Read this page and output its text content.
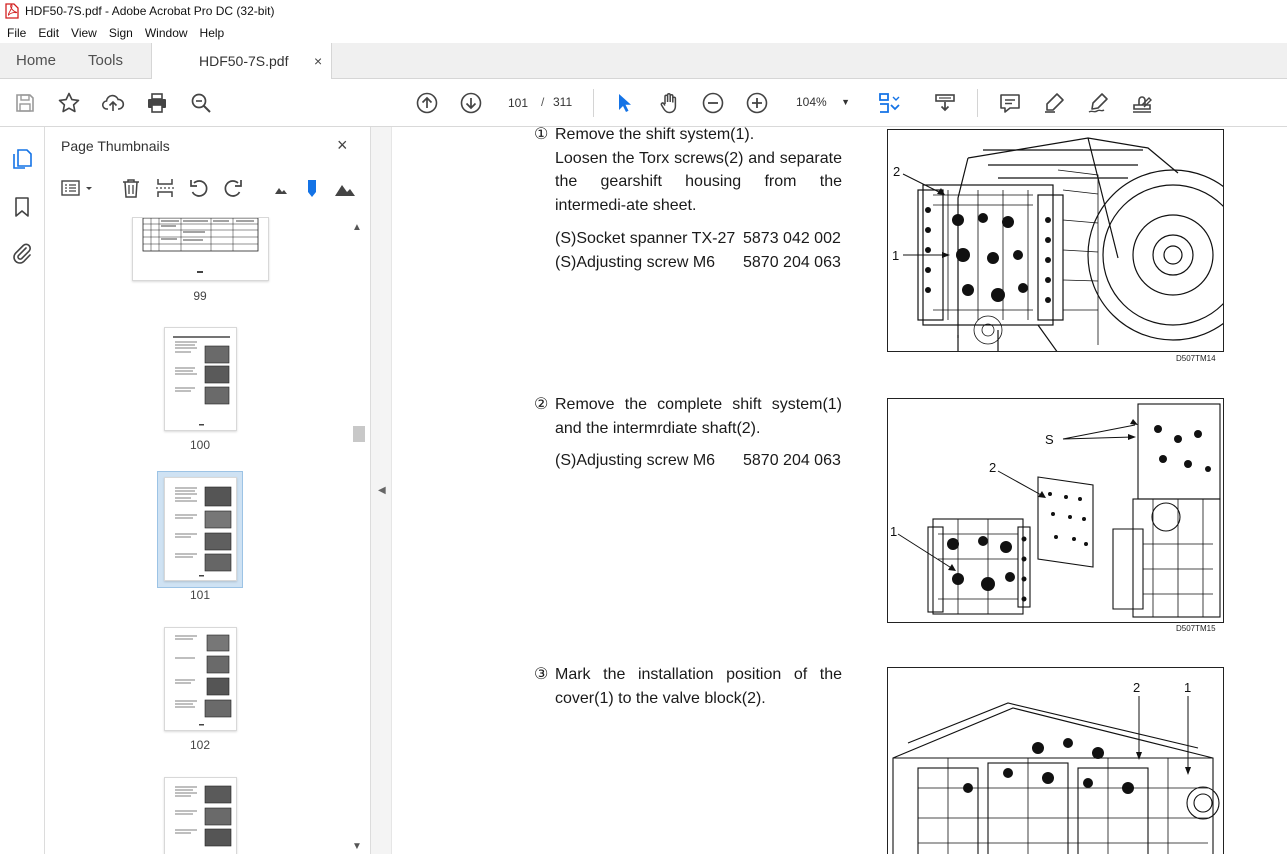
HDF50-7S.pdf - Adobe Acrobat Pro DC (32-bit)
File	Edit	View	Sign	Window	Help
Home Tools	HDF50-7S.pdf ×
101	/ 311	104% ▼
Page Thumbnails	×
99
100
101
102
▲
▼
◀
① Remove the shift system(1).
Loosen the Torx screws(2) and separate the gearshift housing from the intermedi-ate sheet.
(S)Socket spanner TX-27 5873 042 002
(S)Adjusting screw M6 5870 204 063
2
1
D507TM14
② Remove the complete shift system(1) and the intermrdiate shaft(2).
(S)Adjusting screw M6 5870 204 063
S
2
1
D507TM15
③ Mark the installation position of the cover(1) to the valve block(2).
2	1
